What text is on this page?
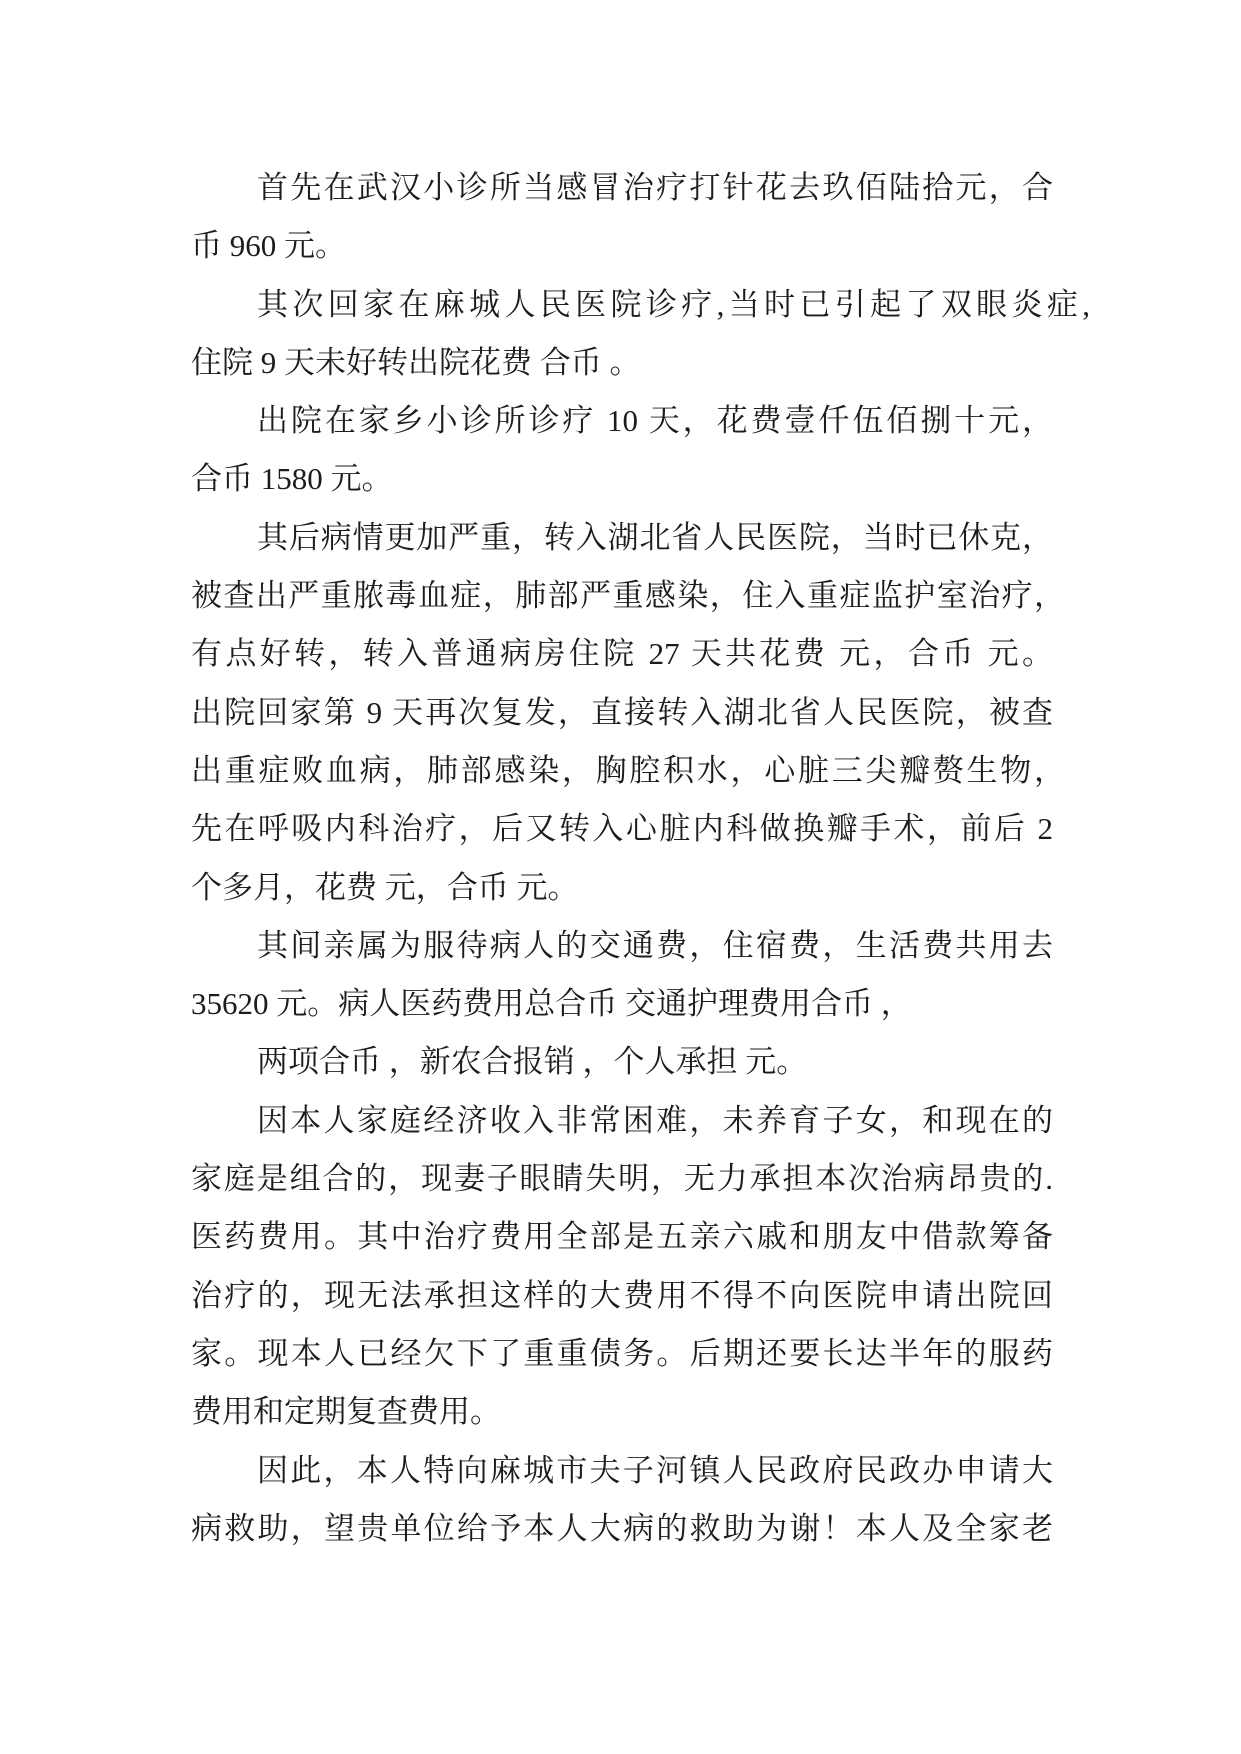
首先在武汉小诊所当感冒治疗打针花去玖佰陆拾元，合
币 960 元。
其次回家在麻城人民医院诊疗,当时已引起了双眼炎症,
住院 9 天未好转出院花费 合币 。
出院在家乡小诊所诊疗 10 天，花费壹仟伍佰捌十元，
合币 1580 元。
其后病情更加严重，转入湖北省人民医院，当时已休克，
被查出严重脓毒血症，肺部严重感染，住入重症监护室治疗，
有点好转，转入普通病房住院 27 天共花费 元，合币 元。
出院回家第 9 天再次复发，直接转入湖北省人民医院，被查
出重症败血病，肺部感染，胸腔积水，心脏三尖瓣赘生物，
先在呼吸内科治疗，后又转入心脏内科做换瓣手术，前后 2
个多月，花费 元，合币 元。
其间亲属为服待病人的交通费，住宿费，生活费共用去
35620 元。病人医药费用总合币 交通护理费用合币 ，
两项合币 ，新农合报销 ，个人承担 元。
因本人家庭经济收入非常困难，未养育子女，和现在的
家庭是组合的，现妻子眼睛失明，无力承担本次治病昂贵的.
医药费用。其中治疗费用全部是五亲六戚和朋友中借款筹备
治疗的，现无法承担这样的大费用不得不向医院申请出院回
家。现本人已经欠下了重重债务。后期还要长达半年的服药
费用和定期复查费用。
因此，本人特向麻城市夫子河镇人民政府民政办申请大
病救助，望贵单位给予本人大病的救助为谢！本人及全家老
